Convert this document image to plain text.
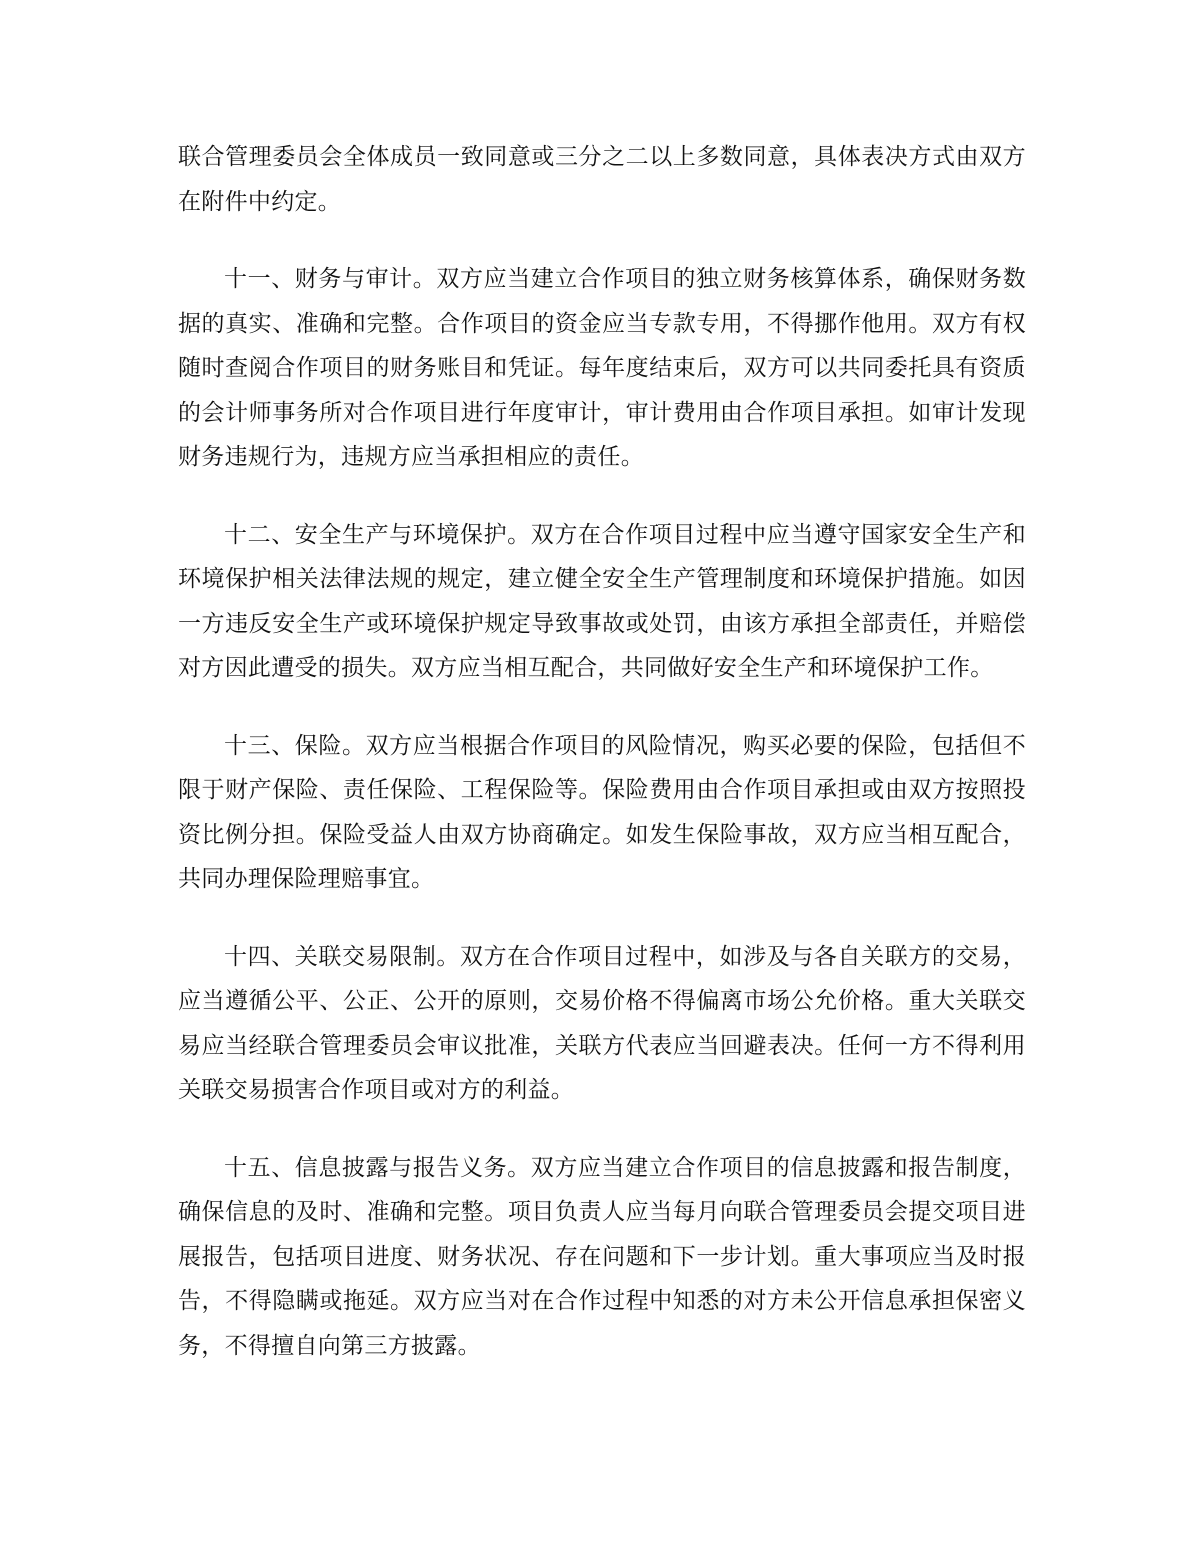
联合管理委员会全体成员一致同意或三分之二以上多数同意，具体表决方式由双方在附件中约定。

十一、财务与审计。双方应当建立合作项目的独立财务核算体系，确保财务数据的真实、准确和完整。合作项目的资金应当专款专用，不得挪作他用。双方有权随时查阅合作项目的财务账目和凭证。每年度结束后，双方可以共同委托具有资质的会计师事务所对合作项目进行年度审计，审计费用由合作项目承担。如审计发现财务违规行为，违规方应当承担相应的责任。

十二、安全生产与环境保护。双方在合作项目过程中应当遵守国家安全生产和环境保护相关法律法规的规定，建立健全安全生产管理制度和环境保护措施。如因一方违反安全生产或环境保护规定导致事故或处罚，由该方承担全部责任，并赔偿对方因此遭受的损失。双方应当相互配合，共同做好安全生产和环境保护工作。

十三、保险。双方应当根据合作项目的风险情况，购买必要的保险，包括但不限于财产保险、责任保险、工程保险等。保险费用由合作项目承担或由双方按照投资比例分担。保险受益人由双方协商确定。如发生保险事故，双方应当相互配合，共同办理保险理赔事宜。

十四、关联交易限制。双方在合作项目过程中，如涉及与各自关联方的交易，应当遵循公平、公正、公开的原则，交易价格不得偏离市场公允价格。重大关联交易应当经联合管理委员会审议批准，关联方代表应当回避表决。任何一方不得利用关联交易损害合作项目或对方的利益。

十五、信息披露与报告义务。双方应当建立合作项目的信息披露和报告制度，确保信息的及时、准确和完整。项目负责人应当每月向联合管理委员会提交项目进展报告，包括项目进度、财务状况、存在问题和下一步计划。重大事项应当及时报告，不得隐瞒或拖延。双方应当对在合作过程中知悉的对方未公开信息承担保密义务，不得擅自向第三方披露。
